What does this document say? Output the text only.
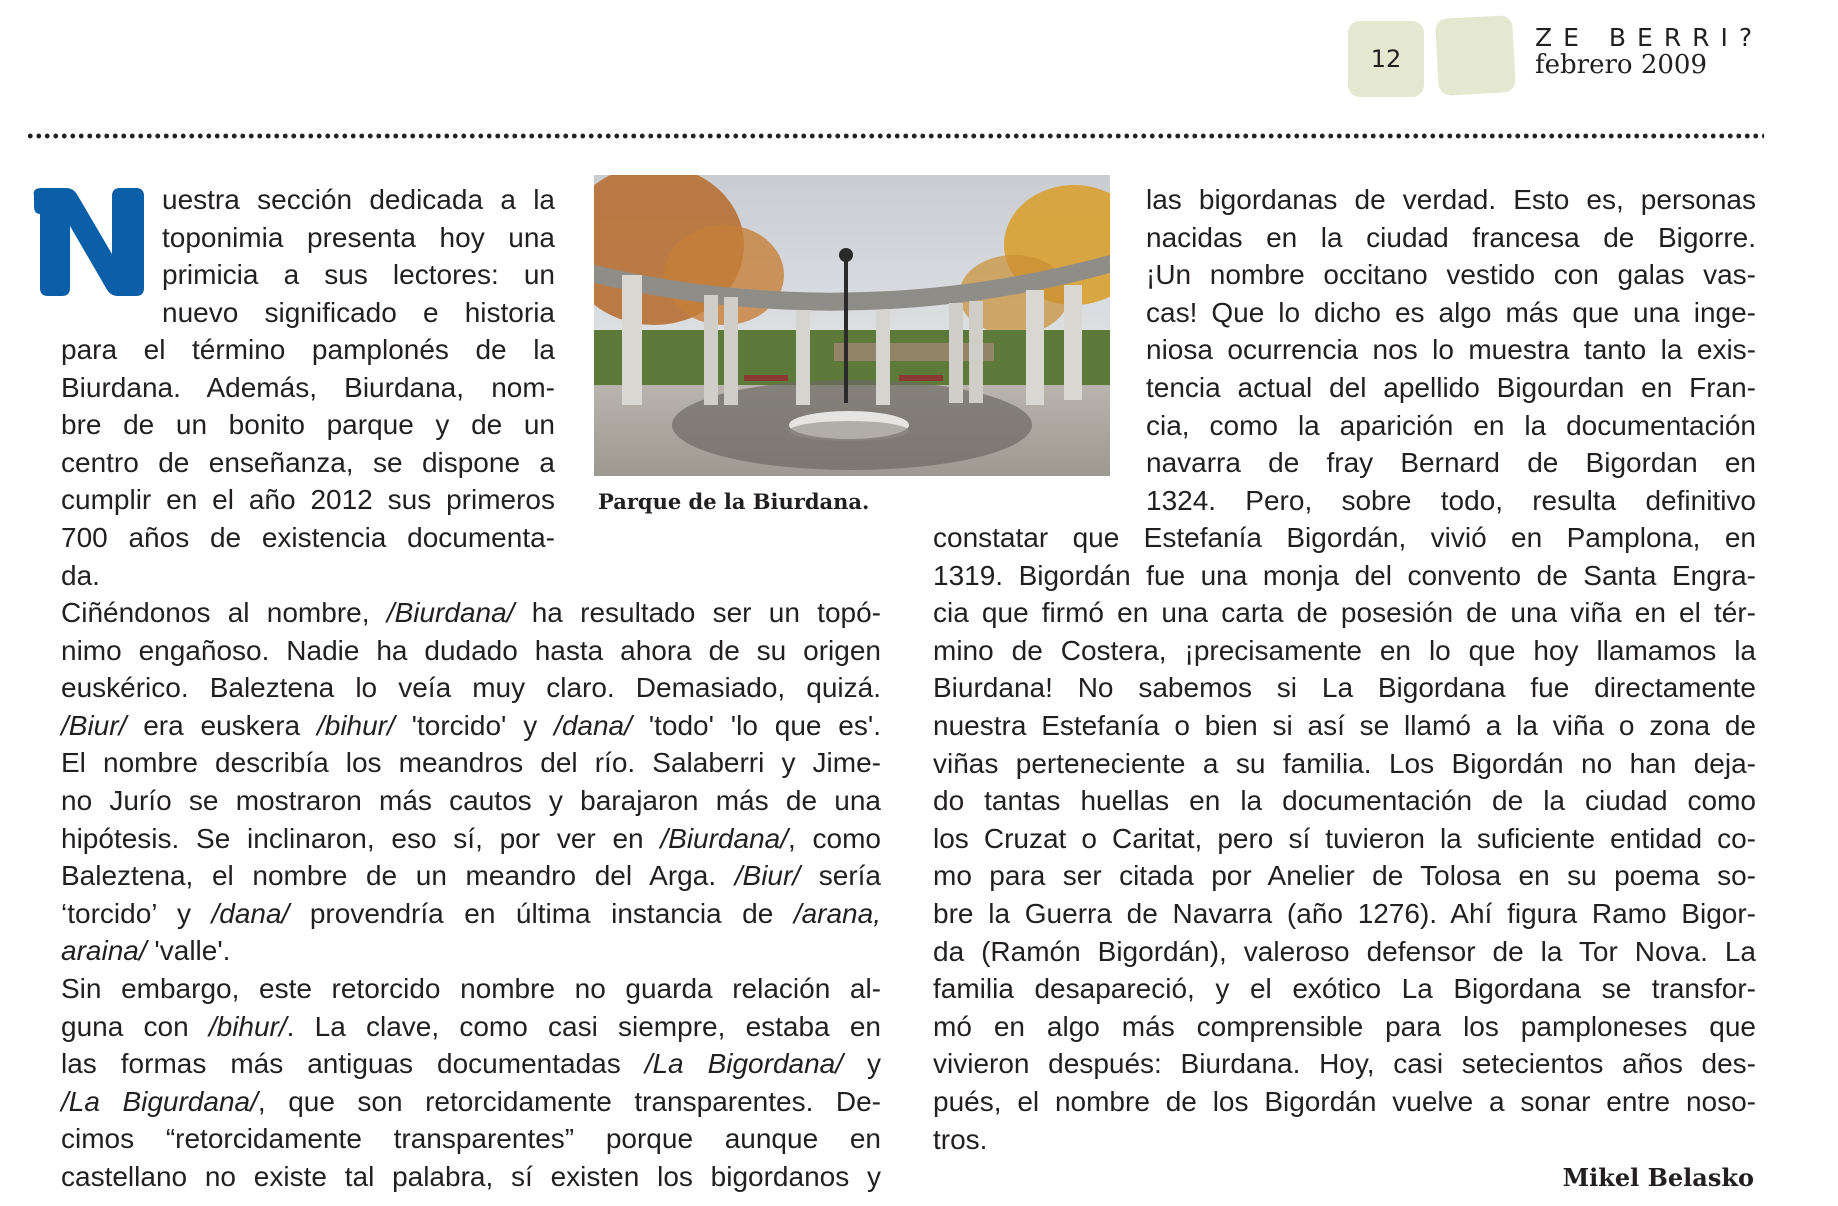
12
ZE BERRI?
febrero 2009
uestra sección dedicada a la
toponimia presenta hoy una
primicia a sus lectores: un
nuevo significado e historia
para el término pamplonés de la
Biurdana. Además, Biurdana, nom-
bre de un bonito parque y de un
centro de enseñanza, se dispone a
cumplir en el año 2012 sus primeros
700 años de existencia documenta-
da.
Ciñéndonos al nombre, /Biurdana/ ha resultado ser un topó-
nimo engañoso. Nadie ha dudado hasta ahora de su origen
euskérico. Baleztena lo veía muy claro. Demasiado, quizá.
/Biur/ era euskera /bihur/ 'torcido' y /dana/ 'todo' 'lo que es'.
El nombre describía los meandros del río. Salaberri y Jime-
no Jurío se mostraron más cautos y barajaron más de una
hipótesis. Se inclinaron, eso sí, por ver en /Biurdana/, como
Baleztena, el nombre de un meandro del Arga. /Biur/ sería
‘torcido’ y /dana/ provendría en última instancia de /arana,
araina/ 'valle'.
Sin embargo, este retorcido nombre no guarda relación al-
guna con /bihur/. La clave, como casi siempre, estaba en
las formas más antiguas documentadas /La Bigordana/ y
/La Bigurdana/, que son retorcidamente transparentes. De-
cimos “retorcidamente transparentes” porque aunque en
castellano no existe tal palabra, sí existen los bigordanos y
Parque de la Biurdana.
las bigordanas de verdad. Esto es, personas
nacidas en la ciudad francesa de Bigorre.
¡Un nombre occitano vestido con galas vas-
cas! Que lo dicho es algo más que una inge-
niosa ocurrencia nos lo muestra tanto la exis-
tencia actual del apellido Bigourdan en Fran-
cia, como la aparición en la documentación
navarra de fray Bernard de Bigordan en
1324. Pero, sobre todo, resulta definitivo
constatar que Estefanía Bigordán, vivió en Pamplona, en
1319. Bigordán fue una monja del convento de Santa Engra-
cia que firmó en una carta de posesión de una viña en el tér-
mino de Costera, ¡precisamente en lo que hoy llamamos la
Biurdana! No sabemos si La Bigordana fue directamente
nuestra Estefanía o bien si así se llamó a la viña o zona de
viñas perteneciente a su familia. Los Bigordán no han deja-
do tantas huellas en la documentación de la ciudad como
los Cruzat o Caritat, pero sí tuvieron la suficiente entidad co-
mo para ser citada por Anelier de Tolosa en su poema so-
bre la Guerra de Navarra (año 1276). Ahí figura Ramo Bigor-
da (Ramón Bigordán), valeroso defensor de la Tor Nova. La
familia desapareció, y el exótico La Bigordana se transfor-
mó en algo más comprensible para los pamploneses que
vivieron después: Biurdana. Hoy, casi setecientos años des-
pués, el nombre de los Bigordán vuelve a sonar entre noso-
tros.
Mikel Belasko
